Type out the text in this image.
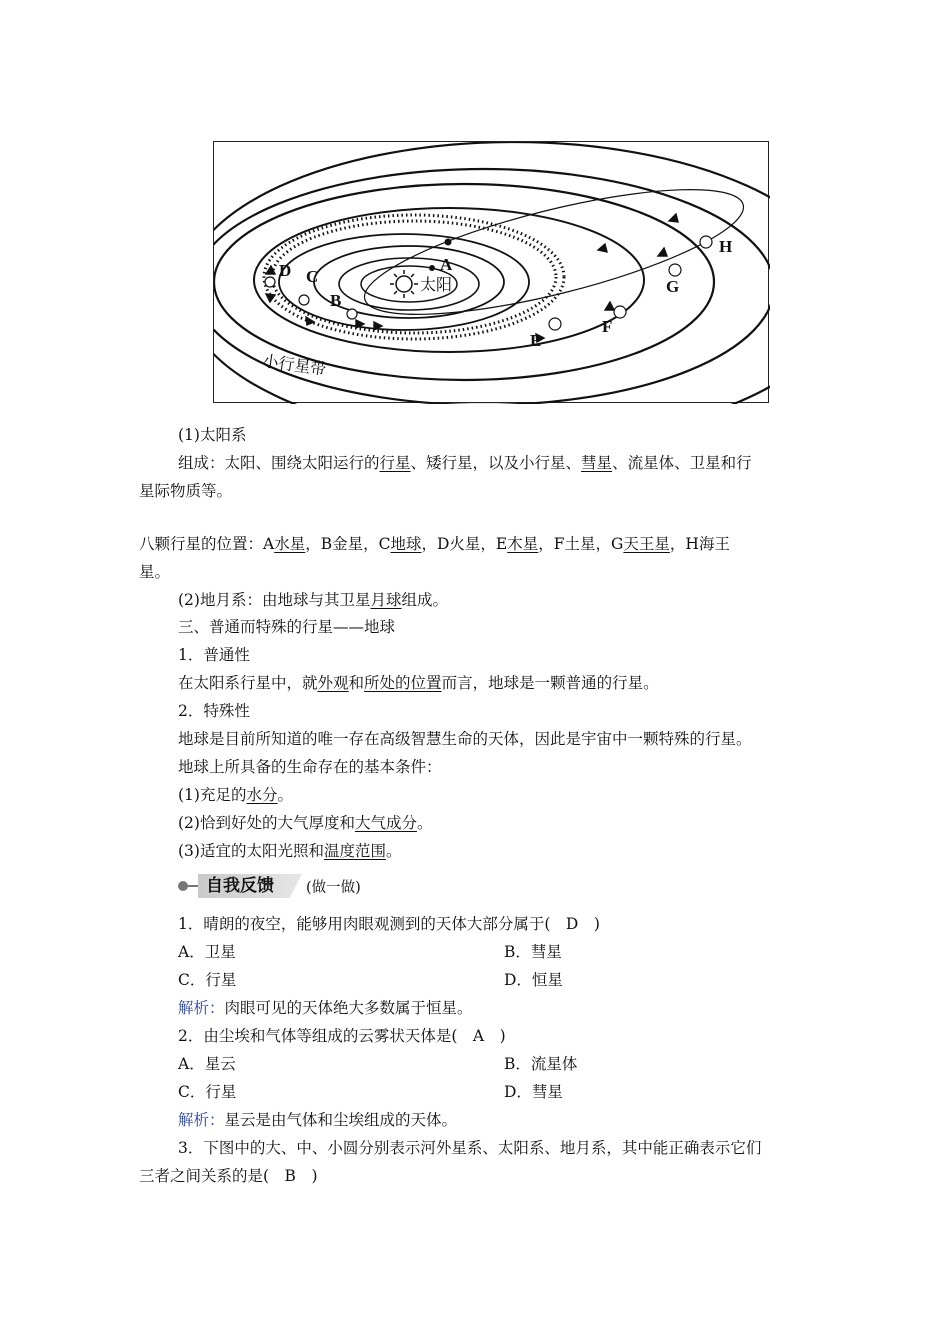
A
B
C
D
E
F
G
H
太阳
小行星带
(1)太阳系
组成：太阳、围绕太阳运行的行星、矮行星，以及小行星、彗星、流星体、卫星和行
星际物质等。
八颗行星的位置：A水星，B金星，C地球，D火星，E木星，F土星，G天王星，H海王
星。
(2)地月系：由地球与其卫星月球组成。
三、普通而特殊的行星——地球
1．普通性
在太阳系行星中，就外观和所处的位置而言，地球是一颗普通的行星。
2．特殊性
地球是目前所知道的唯一存在高级智慧生命的天体，因此是宇宙中一颗特殊的行星。
地球上所具备的生命存在的基本条件：
(1)充足的水分。
(2)恰到好处的大气厚度和大气成分。
(3)适宜的太阳光照和温度范围。
自我反馈 (做一做)
1．晴朗的夜空，能够用肉眼观测到的天体大部分属于(　D　)
A．卫星	B．彗星
C．行星	D．恒星
解析：肉眼可见的天体绝大多数属于恒星。
2．由尘埃和气体等组成的云雾状天体是(　A　)
A．星云	B．流星体
C．行星	D．彗星
解析：星云是由气体和尘埃组成的天体。
3．下图中的大、中、小圆分别表示河外星系、太阳系、地月系，其中能正确表示它们
三者之间关系的是(　B　)
